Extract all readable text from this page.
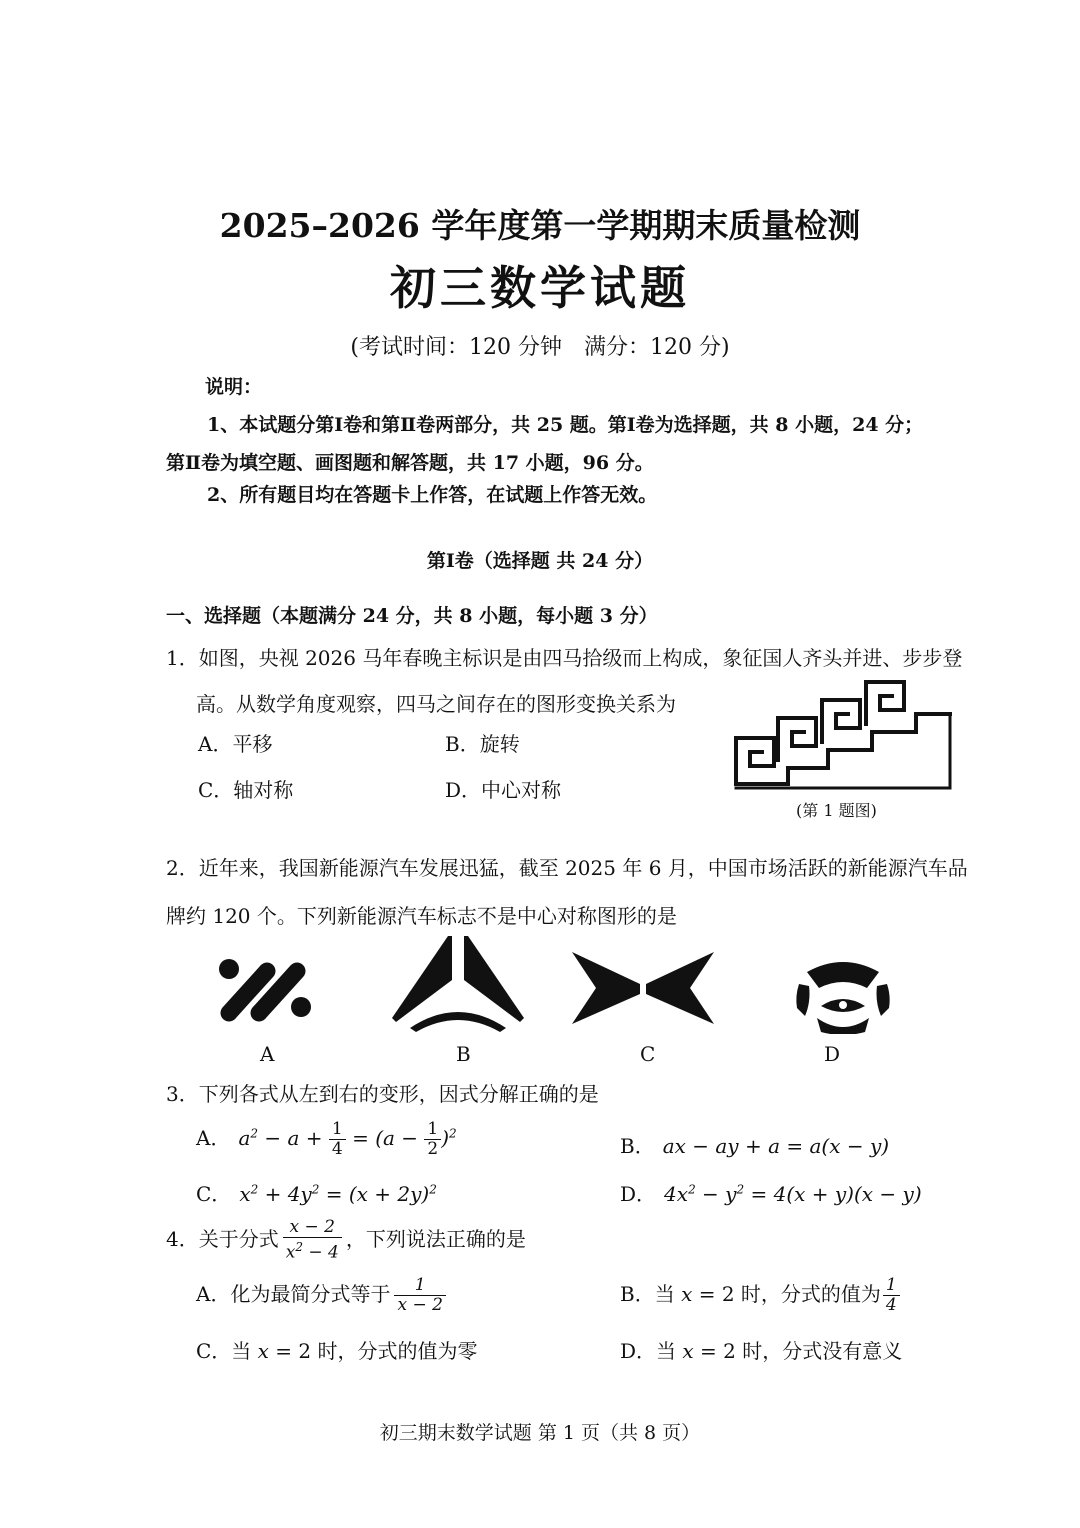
2025–2026 学年度第一学期期末质量检测
初三数学试题
(考试时间：120 分钟　满分：120 分)
说明：
1、本试题分第Ⅰ卷和第Ⅱ卷两部分，共 25 题。第Ⅰ卷为选择题，共 8 小题，24 分；
第Ⅱ卷为填空题、画图题和解答题，共 17 小题，96 分。
2、所有题目均在答题卡上作答，在试题上作答无效。
第Ⅰ卷（选择题 共 24 分）
一、选择题（本题满分 24 分，共 8 小题，每小题 3 分）
1．如图，央视 2026 马年春晚主标识是由四马拾级而上构成，象征国人齐头并进、步步登
高。从数学角度观察，四马之间存在的图形变换关系为
A．平移	B．旋转
C．轴对称	D．中心对称
(第 1 题图)
2．近年来，我国新能源汽车发展迅猛，截至 2025 年 6 月，中国市场活跃的新能源汽车品
牌约 120 个。下列新能源汽车标志不是中心对称图形的是
A	B	C	D
3．下列各式从左到右的变形，因式分解正确的是
A． $a^2 - a + \frac{1}{4} = (a - \frac{1}{2} )^2$
B． ax − ay + a = a(x − y)
C． $x^2 + 4y^2 = (x + 2y)^2$	D． $4x^2 - y^2 = 4(x + y)(x - y)$
4．关于分式 $\frac{x - 2}{x^2 - 4}$ ，下列说法正确的是
A．化为最简分式等于 $\frac{1}{x - 2}$	B．当 x = 2 时，分式的值为 $\frac{1}{4}$
C．当 x = 2 时，分式的值为零	D．当 x = 2 时，分式没有意义
初三期末数学试题 第 1 页（共 8 页）
